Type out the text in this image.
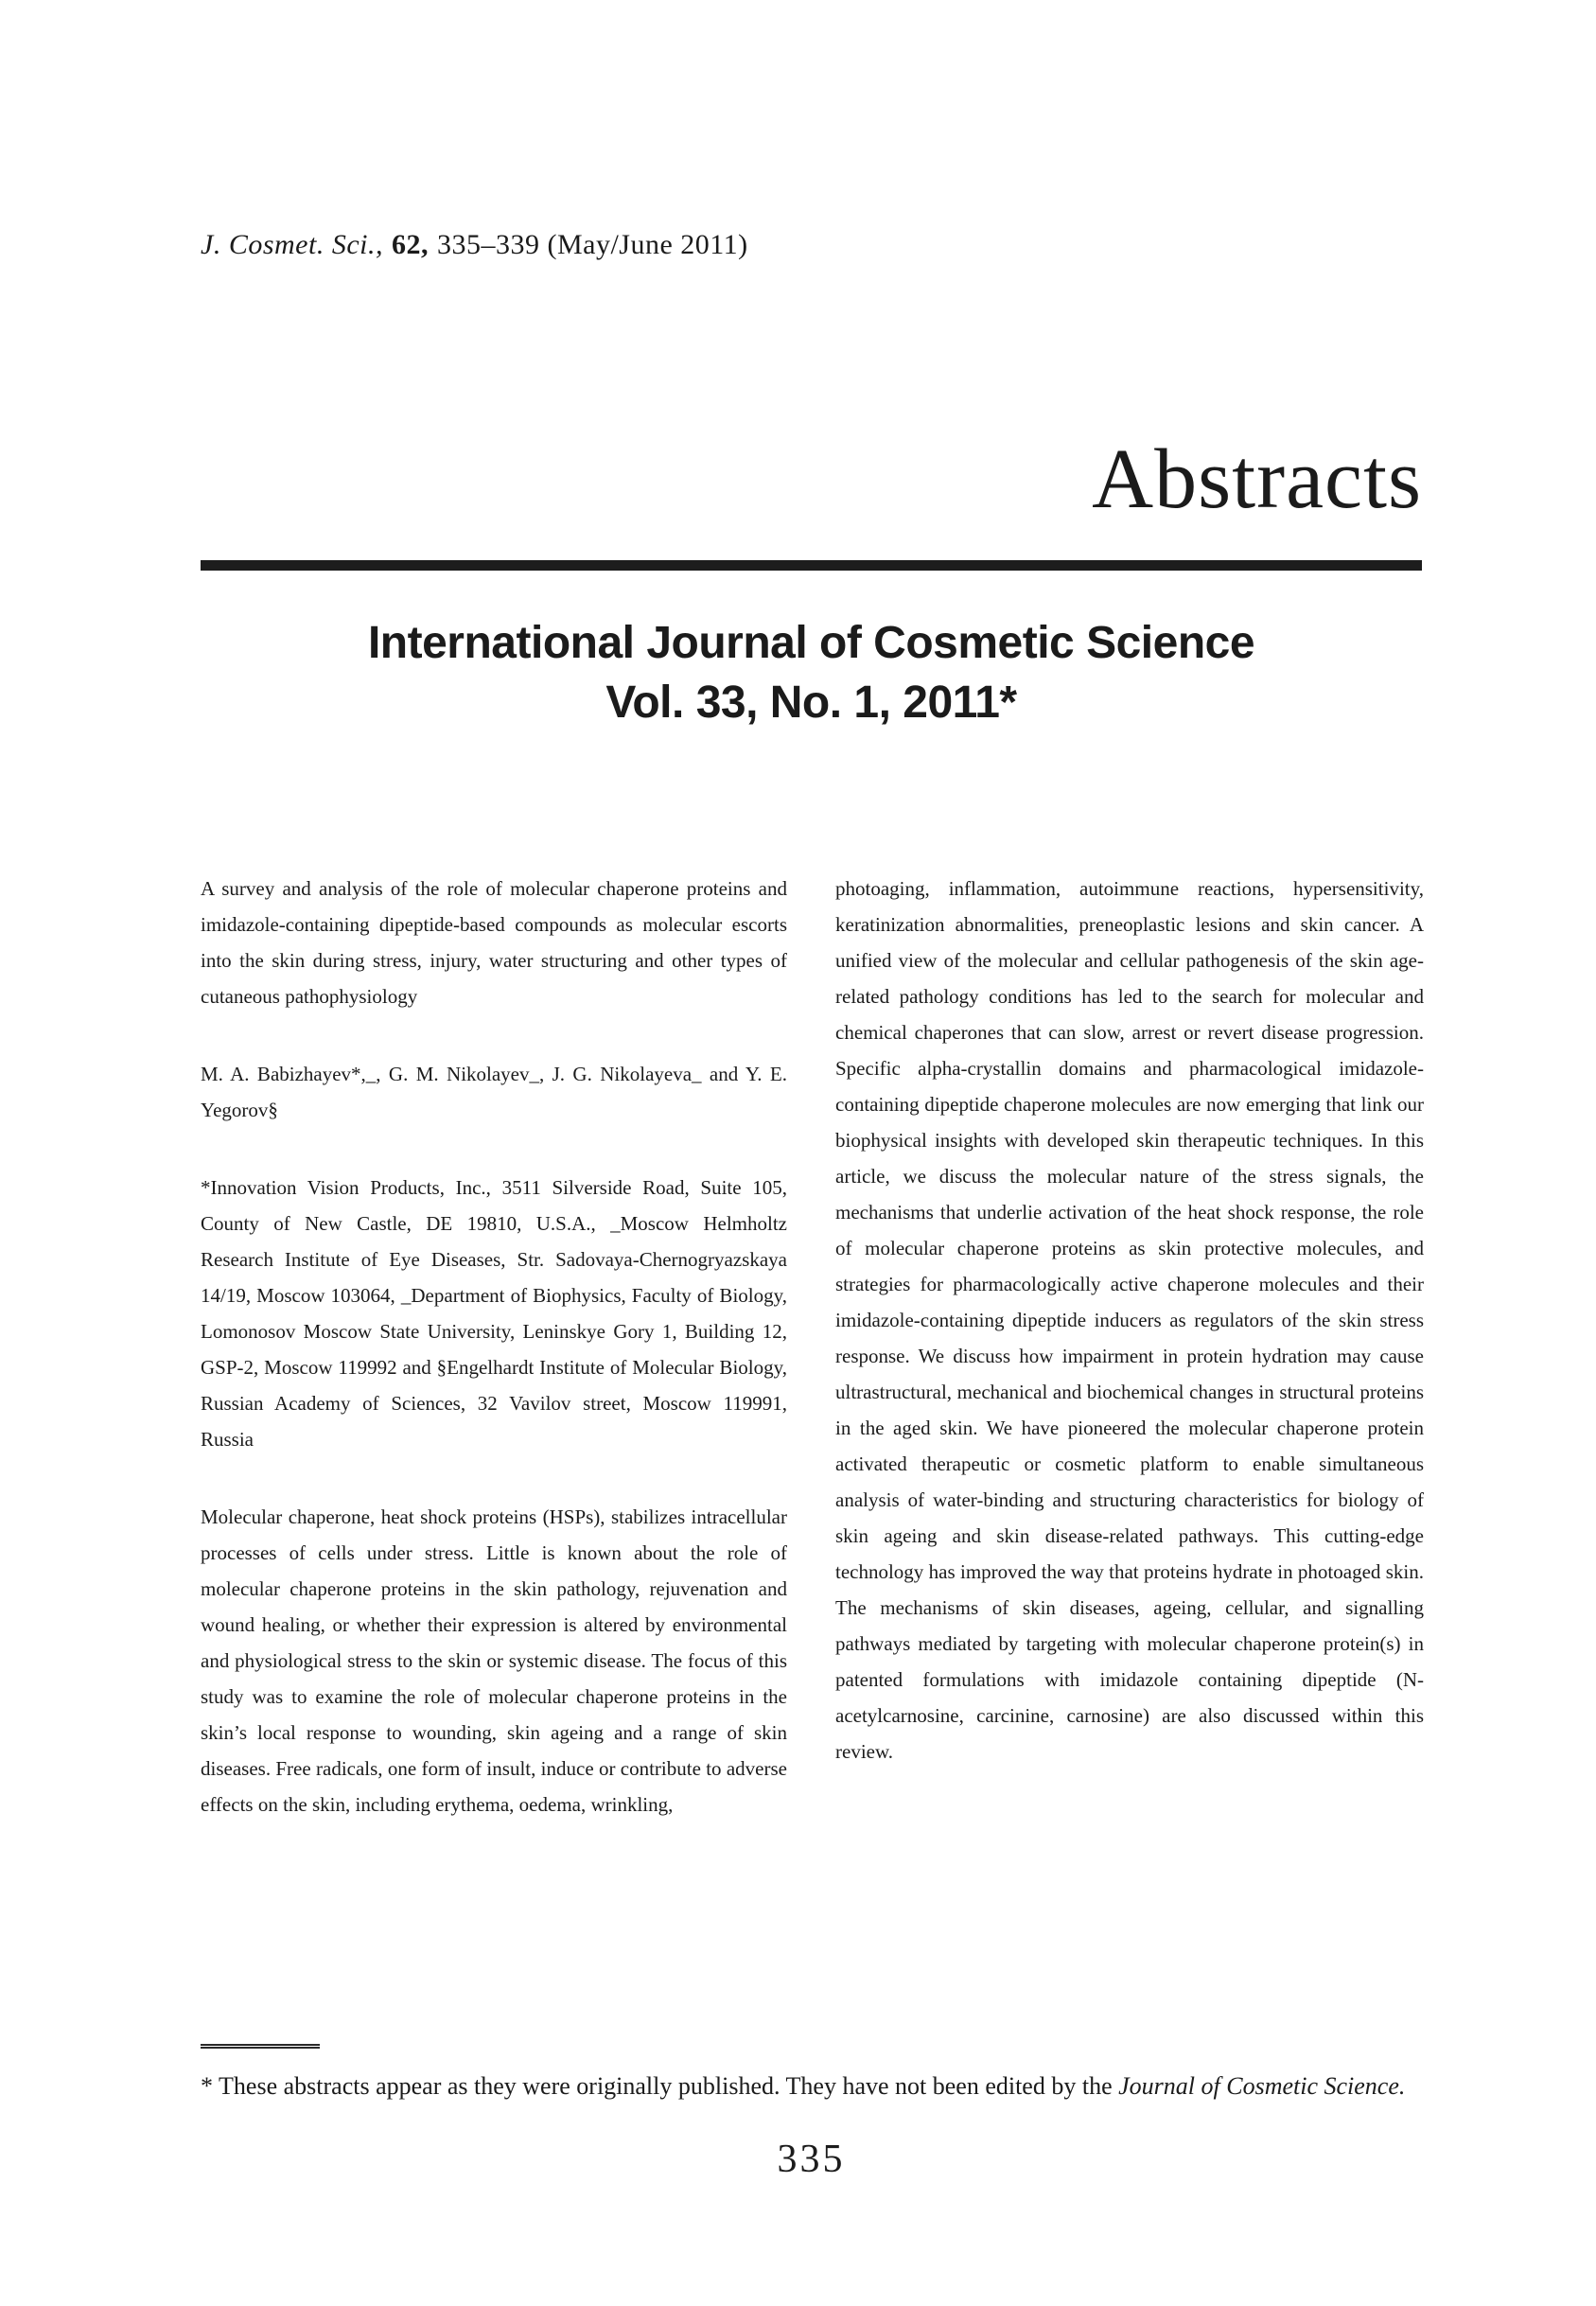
J. Cosmet. Sci., 62, 335–339 (May/June 2011)
Abstracts
International Journal of Cosmetic Science
Vol. 33, No. 1, 2011*

A survey and analysis of the role of molecular chaperone proteins and imidazole-containing dipeptide-based compounds as molecular escorts into the skin during stress, injury, water structuring and other types of cutaneous pathophysiology

M. A. Babizhayev*,_, G. M. Nikolayev_, J. G. Nikolayeva_ and Y. E. Yegorov§

*Innovation Vision Products, Inc., 3511 Silverside Road, Suite 105, County of New Castle, DE 19810, U.S.A., _Moscow Helmholtz Research Institute of Eye Diseases, Str. Sadovaya-Chernogryazskaya 14/19, Moscow 103064, _Department of Biophysics, Faculty of Biology, Lomonosov Moscow State University, Leninskye Gory 1, Building 12, GSP-2, Moscow 119992 and §Engelhardt Institute of Molecular Biology, Russian Academy of Sciences, 32 Vavilov street, Moscow 119991, Russia

Molecular chaperone, heat shock proteins (HSPs), stabilizes intracellular processes of cells under stress. Little is known about the role of molecular chaperone proteins in the skin pathology, rejuvenation and wound healing, or whether their expression is altered by environmental and physiological stress to the skin or systemic disease. The focus of this study was to examine the role of molecular chaperone proteins in the skin’s local response to wounding, skin ageing and a range of skin diseases. Free radicals, one form of insult, induce or contribute to adverse effects on the skin, including erythema, oedema, wrinkling,

photoaging, inflammation, autoimmune reactions, hypersensitivity, keratinization abnormalities, preneoplastic lesions and skin cancer. A unified view of the molecular and cellular pathogenesis of the skin age-related pathology conditions has led to the search for molecular and chemical chaperones that can slow, arrest or revert disease progression. Specific alpha-crystallin domains and pharmacological imidazole-containing dipeptide chaperone molecules are now emerging that link our biophysical insights with developed skin therapeutic techniques. In this article, we discuss the molecular nature of the stress signals, the mechanisms that underlie activation of the heat shock response, the role of molecular chaperone proteins as skin protective molecules, and strategies for pharmacologically active chaperone molecules and their imidazole-containing dipeptide inducers as regulators of the skin stress response. We discuss how impairment in protein hydration may cause ultrastructural, mechanical and biochemical changes in structural proteins in the aged skin. We have pioneered the molecular chaperone protein activated therapeutic or cosmetic platform to enable simultaneous analysis of water-binding and structuring characteristics for biology of skin ageing and skin disease-related pathways. This cutting-edge technology has improved the way that proteins hydrate in photoaged skin. The mechanisms of skin diseases, ageing, cellular, and signalling pathways mediated by targeting with molecular chaperone protein(s) in patented formulations with imidazole containing dipeptide (N-acetylcarnosine, carcinine, carnosine) are also discussed within this review.

* These abstracts appear as they were originally published. They have not been edited by the Journal of Cosmetic Science.

335
